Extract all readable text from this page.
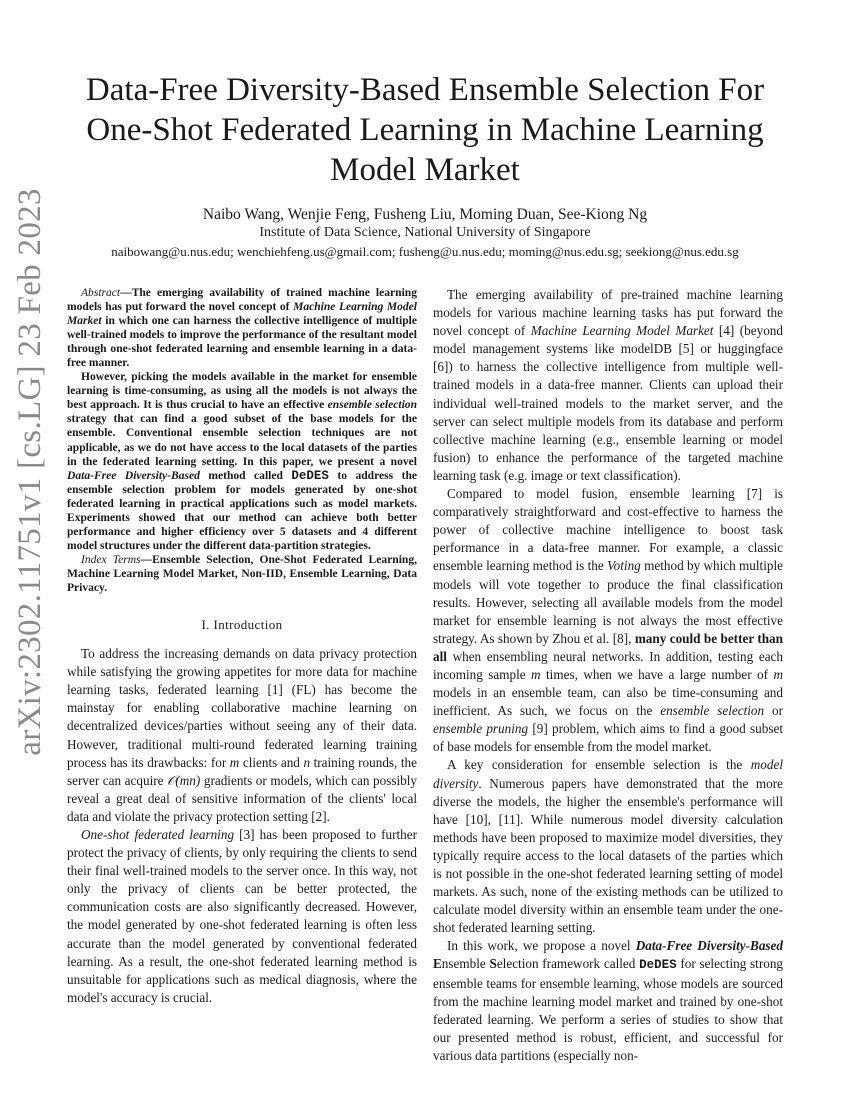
arXiv:2302.11751v1 [cs.LG] 23 Feb 2023
Data-Free Diversity-Based Ensemble Selection For
One-Shot Federated Learning in Machine Learning
Model Market
Naibo Wang, Wenjie Feng, Fusheng Liu, Moming Duan, See-Kiong Ng
Institute of Data Science, National University of Singapore
naibowang@u.nus.edu; wenchiehfeng.us@gmail.com; fusheng@u.nus.edu; moming@nus.edu.sg; seekiong@nus.edu.sg

Abstract—The emerging availability of trained machine learning models has put forward the novel concept of Machine Learning Model Market in which one can harness the collective intelligence of multiple well-trained models to improve the performance of the resultant model through one-shot federated learning and ensemble learning in a data-free manner.

However, picking the models available in the market for ensemble learning is time-consuming, as using all the models is not always the best approach. It is thus crucial to have an effective ensemble selection strategy that can find a good subset of the base models for the ensemble. Conventional ensemble selection techniques are not applicable, as we do not have access to the local datasets of the parties in the federated learning setting. In this paper, we present a novel Data-Free Diversity-Based method called DeDES to address the ensemble selection problem for models generated by one-shot federated learning in practical applications such as model markets. Experiments showed that our method can achieve both better performance and higher efficiency over 5 datasets and 4 different model structures under the different data-partition strategies.

Index Terms—Ensemble Selection, One-Shot Federated Learning, Machine Learning Model Market, Non-IID, Ensemble Learning, Data Privacy.

I. Introduction

To address the increasing demands on data privacy protection while satisfying the growing appetites for more data for machine learning tasks, federated learning [1] (FL) has become the mainstay for enabling collaborative machine learning on decentralized devices/parties without seeing any of their data. However, traditional multi-round federated learning training process has its drawbacks: for m clients and n training rounds, the server can acquire 𝒪(mn) gradients or models, which can possibly reveal a great deal of sensitive information of the clients' local data and violate the privacy protection setting [2].

One-shot federated learning [3] has been proposed to further protect the privacy of clients, by only requiring the clients to send their final well-trained models to the server once. In this way, not only the privacy of clients can be better protected, the communication costs are also significantly decreased. However, the model generated by one-shot federated learning is often less accurate than the model generated by conventional federated learning. As a result, the one-shot federated learning method is unsuitable for applications such as medical diagnosis, where the model's accuracy is crucial.

The emerging availability of pre-trained machine learning models for various machine learning tasks has put forward the novel concept of Machine Learning Model Market [4] (beyond model management systems like modelDB [5] or huggingface [6]) to harness the collective intelligence from multiple well-trained models in a data-free manner. Clients can upload their individual well-trained models to the market server, and the server can select multiple models from its database and perform collective machine learning (e.g., ensemble learning or model fusion) to enhance the performance of the targeted machine learning task (e.g. image or text classification).

Compared to model fusion, ensemble learning [7] is comparatively straightforward and cost-effective to harness the power of collective machine intelligence to boost task performance in a data-free manner. For example, a classic ensemble learning method is the Voting method by which multiple models will vote together to produce the final classification results. However, selecting all available models from the model market for ensemble learning is not always the most effective strategy. As shown by Zhou et al. [8], many could be better than all when ensembling neural networks. In addition, testing each incoming sample m times, when we have a large number of m models in an ensemble team, can also be time-consuming and inefficient. As such, we focus on the ensemble selection or ensemble pruning [9] problem, which aims to find a good subset of base models for ensemble from the model market.

A key consideration for ensemble selection is the model diversity. Numerous papers have demonstrated that the more diverse the models, the higher the ensemble's performance will have [10], [11]. While numerous model diversity calculation methods have been proposed to maximize model diversities, they typically require access to the local datasets of the parties which is not possible in the one-shot federated learning setting of model markets. As such, none of the existing methods can be utilized to calculate model diversity within an ensemble team under the one-shot federated learning setting.

In this work, we propose a novel Data-Free Diversity-Based Ensemble Selection framework called DeDES for selecting strong ensemble teams for ensemble learning, whose models are sourced from the machine learning model market and trained by one-shot federated learning. We perform a series of studies to show that our presented method is robust, efficient, and successful for various data partitions (especially non-
